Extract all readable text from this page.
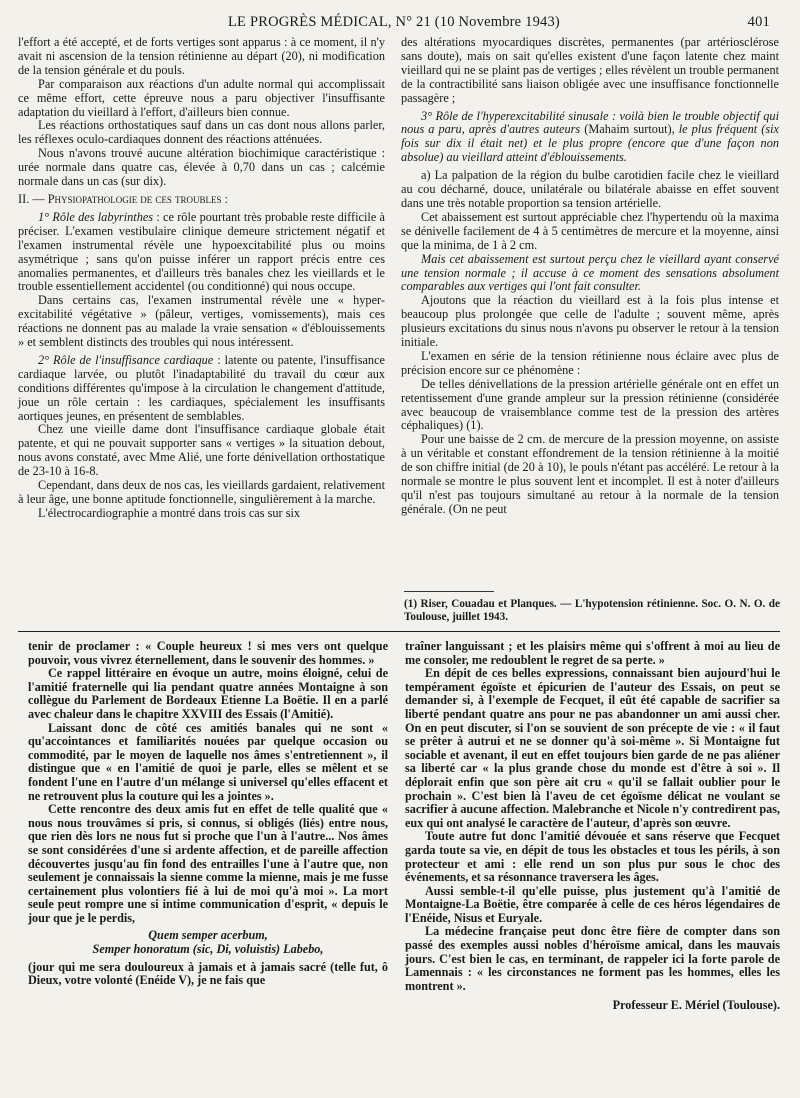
LE PROGRÈS MÉDICAL, N° 21 (10 Novembre 1943)	401

l'effort a été accepté, et de forts vertiges sont apparus : à ce moment, il n'y avait ni ascension de la tension rétinienne au départ (20), ni modification de la tension générale et du pouls.

Par comparaison aux réactions d'un adulte normal qui accomplissait ce même effort, cette épreuve nous a paru objectiver l'insuffisante adaptation du vieillard à l'effort, d'ailleurs bien connue.

Les réactions orthostatiques sauf dans un cas dont nous allons parler, les réflexes oculo-cardiaques donnent des réactions atténuées.

Nous n'avons trouvé aucune altération biochimique caractéristique : urée normale dans quatre cas, élevée à 0,70 dans un cas ; calcémie normale dans un cas (sur dix).

II. — Physiopathologie de ces troubles :

1° Rôle des labyrinthes : ce rôle pourtant très probable reste difficile à préciser. L'examen vestibulaire clinique demeure strictement négatif et l'examen instrumental révèle une hypoexcitabilité plus ou moins asymétrique ; sans qu'on puisse inférer un rapport précis entre ces anomalies permanentes, et d'ailleurs très banales chez les vieillards et le trouble essentiellement accidentel (ou conditionné) qui nous occupe.

Dans certains cas, l'examen instrumental révèle une « hyper-excitabilité végétative » (pâleur, vertiges, vomissements), mais ces réactions ne donnent pas au malade la vraie sensation « d'éblouissements » et semblent distincts des troubles qui nous intéressent.

2° Rôle de l'insuffisance cardiaque : latente ou patente, l'insuffisance cardiaque larvée, ou plutôt l'inadaptabilité du travail du cœur aux conditions différentes qu'impose à la circulation le changement d'attitude, joue un rôle certain : les cardiaques, spécialement les insuffisants aortiques jeunes, en présentent de semblables.

Chez une vieille dame dont l'insuffisance cardiaque globale était patente, et qui ne pouvait supporter sans « vertiges » la situation debout, nous avons constaté, avec Mme Alié, une forte dénivellation orthostatique de 23-10 à 16-8.

Cependant, dans deux de nos cas, les vieillards gardaient, relativement à leur âge, une bonne aptitude fonctionnelle, singulièrement à la marche.

L'électrocardiographie a montré dans trois cas sur six

des altérations myocardiques discrètes, permanentes (par artériosclérose sans doute), mais on sait qu'elles existent d'une façon latente chez maint vieillard qui ne se plaint pas de vertiges ; elles révèlent un trouble permanent de la contractibilité sans liaison obligée avec une insuffisance fonctionnelle passagère ;

3° Rôle de l'hyperexcitabilité sinusale : voilà bien le trouble objectif qui nous a paru, après d'autres auteurs (Mahaim surtout), le plus fréquent (six fois sur dix il était net) et le plus propre (encore que d'une façon non absolue) au vieillard atteint d'éblouissements.

a) La palpation de la région du bulbe carotidien facile chez le vieillard au cou décharné, douce, unilatérale ou bilatérale abaisse en effet souvent dans une très notable proportion sa tension artérielle.

Cet abaissement est surtout appréciable chez l'hypertendu où la maxima se dénivelle facilement de 4 à 5 centimètres de mercure et la moyenne, ainsi que la minima, de 1 à 2 cm.

Mais cet abaissement est surtout perçu chez le vieillard ayant conservé une tension normale ; il accuse à ce moment des sensations absolument comparables aux vertiges qui l'ont fait consulter.

Ajoutons que la réaction du vieillard est à la fois plus intense et beaucoup plus prolongée que celle de l'adulte ; souvent même, après plusieurs excitations du sinus nous n'avons pu observer le retour à la tension initiale.

L'examen en série de la tension rétinienne nous éclaire avec plus de précision encore sur ce phénomène :

De telles dénivellations de la pression artérielle générale ont en effet un retentissement d'une grande ampleur sur la pression rétinienne (considérée avec beaucoup de vraisemblance comme test de la pression des artères céphaliques) (1).

Pour une baisse de 2 cm. de mercure de la pression moyenne, on assiste à un véritable et constant effondrement de la tension rétinienne à la moitié de son chiffre initial (de 20 à 10), le pouls n'étant pas accéléré. Le retour à la normale se montre le plus souvent lent et incomplet. Il est à noter d'ailleurs qu'il n'est pas toujours simultané au retour à la normale de la tension générale. (On ne peut

(1) Riser, Couadau et Planques. — L'hypotension rétinienne. Soc. O. N. O. de Toulouse, juillet 1943.

tenir de proclamer : « Couple heureux ! si mes vers ont quelque pouvoir, vous vivrez éternellement, dans le souvenir des hommes. »

Ce rappel littéraire en évoque un autre, moins éloigné, celui de l'amitié fraternelle qui lia pendant quatre années Montaigne à son collègue du Parlement de Bordeaux Etienne La Boëtie. Il en a parlé avec chaleur dans le chapitre XXVIII des Essais (l'Amitié).

Laissant donc de côté ces amitiés banales qui ne sont « qu'accointances et familiarités nouées par quelque occasion ou commodité, par le moyen de laquelle nos âmes s'entretiennent », il distingue que « en l'amitié de quoi je parle, elles se mêlent et se fondent l'une en l'autre d'un mélange si universel qu'elles effacent et ne retrouvent plus la couture qui les a jointes ».

Cette rencontre des deux amis fut en effet de telle qualité que « nous nous trouvâmes si pris, si connus, si obligés (liés) entre nous, que rien dès lors ne nous fut si proche que l'un à l'autre... Nos âmes se sont considérées d'une si ardente affection, et de pareille affection découvertes jusqu'au fin fond des entrailles l'une à l'autre que, non seulement je connaissais la sienne comme la mienne, mais je me fusse certainement plus volontiers fié à lui de moi qu'à moi ». La mort seule peut rompre une si intime communication d'esprit, « depuis le jour que je le perdis,

Quem semper acerbum,

Semper honoratum (sic, Di, voluistis) Labebo,

(jour qui me sera douloureux à jamais et à jamais sacré (telle fut, ô Dieux, votre volonté (Enéide V), je ne fais que

traîner languissant ; et les plaisirs même qui s'offrent à moi au lieu de me consoler, me redoublent le regret de sa perte. »

En dépit de ces belles expressions, connaissant bien aujourd'hui le tempérament égoïste et épicurien de l'auteur des Essais, on peut se demander si, à l'exemple de Fecquet, il eût été capable de sacrifier sa liberté pendant quatre ans pour ne pas abandonner un ami aussi cher. On en peut discuter, si l'on se souvient de son précepte de vie : « il faut se prêter à autrui et ne se donner qu'à soi-même ». Si Montaigne fut sociable et avenant, il eut en effet toujours bien garde de ne pas aliéner sa liberté car « la plus grande chose du monde est d'être à soi ». Il déplorait enfin que son père ait cru « qu'il se fallait oublier pour le prochain ». C'est bien là l'aveu de cet égoïsme délicat ne voulant se sacrifier à aucune affection. Malebranche et Nicole n'y contredirent pas, eux qui ont analysé le caractère de l'auteur, d'après son œuvre.

Toute autre fut donc l'amitié dévouée et sans réserve que Fecquet garda toute sa vie, en dépit de tous les obstacles et tous les périls, à son protecteur et ami : elle rend un son plus pur sous le choc des événements, et sa résonnance traversera les âges.

Aussi semble-t-il qu'elle puisse, plus justement qu'à l'amitié de Montaigne-La Boëtie, être comparée à celle de ces héros légendaires de l'Enéide, Nisus et Euryale.

La médecine française peut donc être fière de compter dans son passé des exemples aussi nobles d'héroïsme amical, dans les mauvais jours. C'est bien le cas, en terminant, de rappeler ici la forte parole de Lamennais : « les circonstances ne forment pas les hommes, elles les montrent ».

Professeur E. Mériel (Toulouse).
